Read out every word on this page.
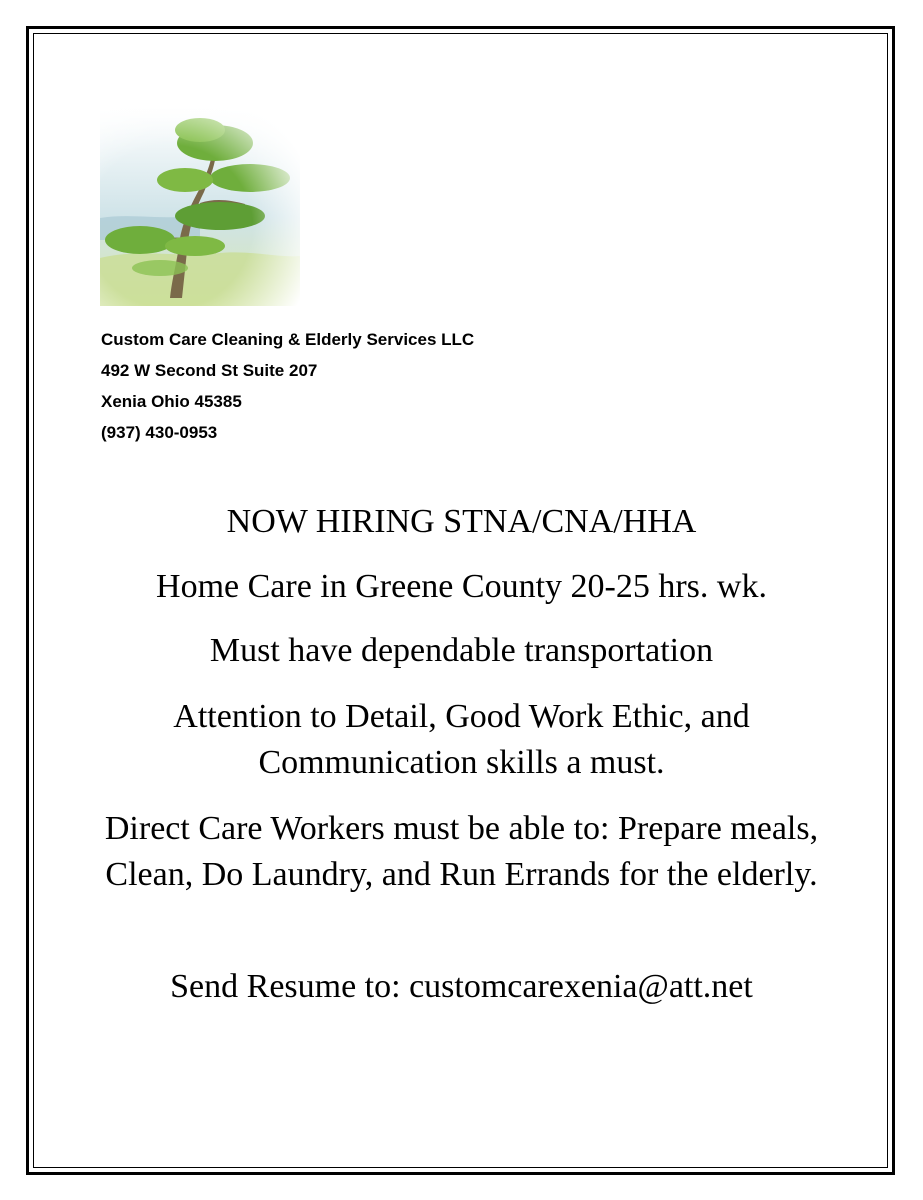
Custom Care Cleaning & Elderly Services LLC
492 W Second St Suite 207
Xenia Ohio 45385
(937) 430-0953
NOW HIRING STNA/CNA/HHA
Home Care in Greene County 20-25 hrs. wk.
Must have dependable transportation
Attention to Detail, Good Work Ethic, and Communication skills a must.
Direct Care Workers must be able to: Prepare meals, Clean, Do Laundry, and Run Errands for the elderly.
Send Resume to: customcarexenia@att.net
